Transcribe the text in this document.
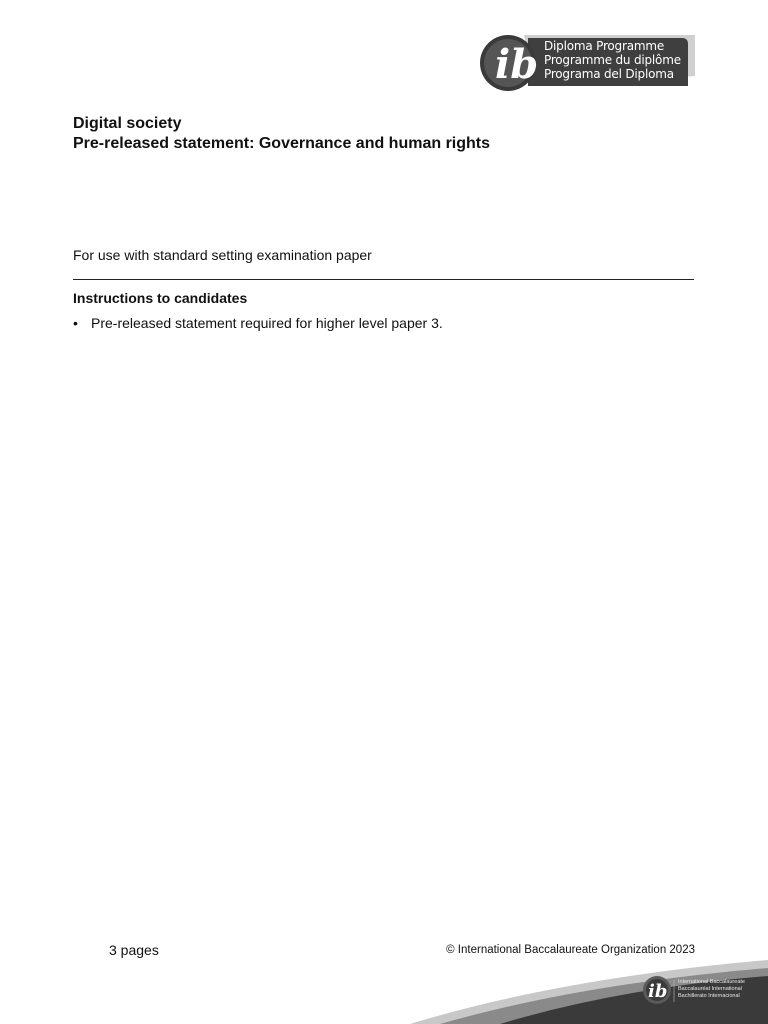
ib Diploma Programme
Programme du diplôme
Programa del Diploma
Digital society
Pre-released statement: Governance and human rights
For use with standard setting examination paper
Instructions to candidates
• Pre-released statement required for higher level paper 3.
3 pages	© International Baccalaureate Organization 2023
ib International Baccalaureate
Baccalauréat International
Bachillerato Internacional
